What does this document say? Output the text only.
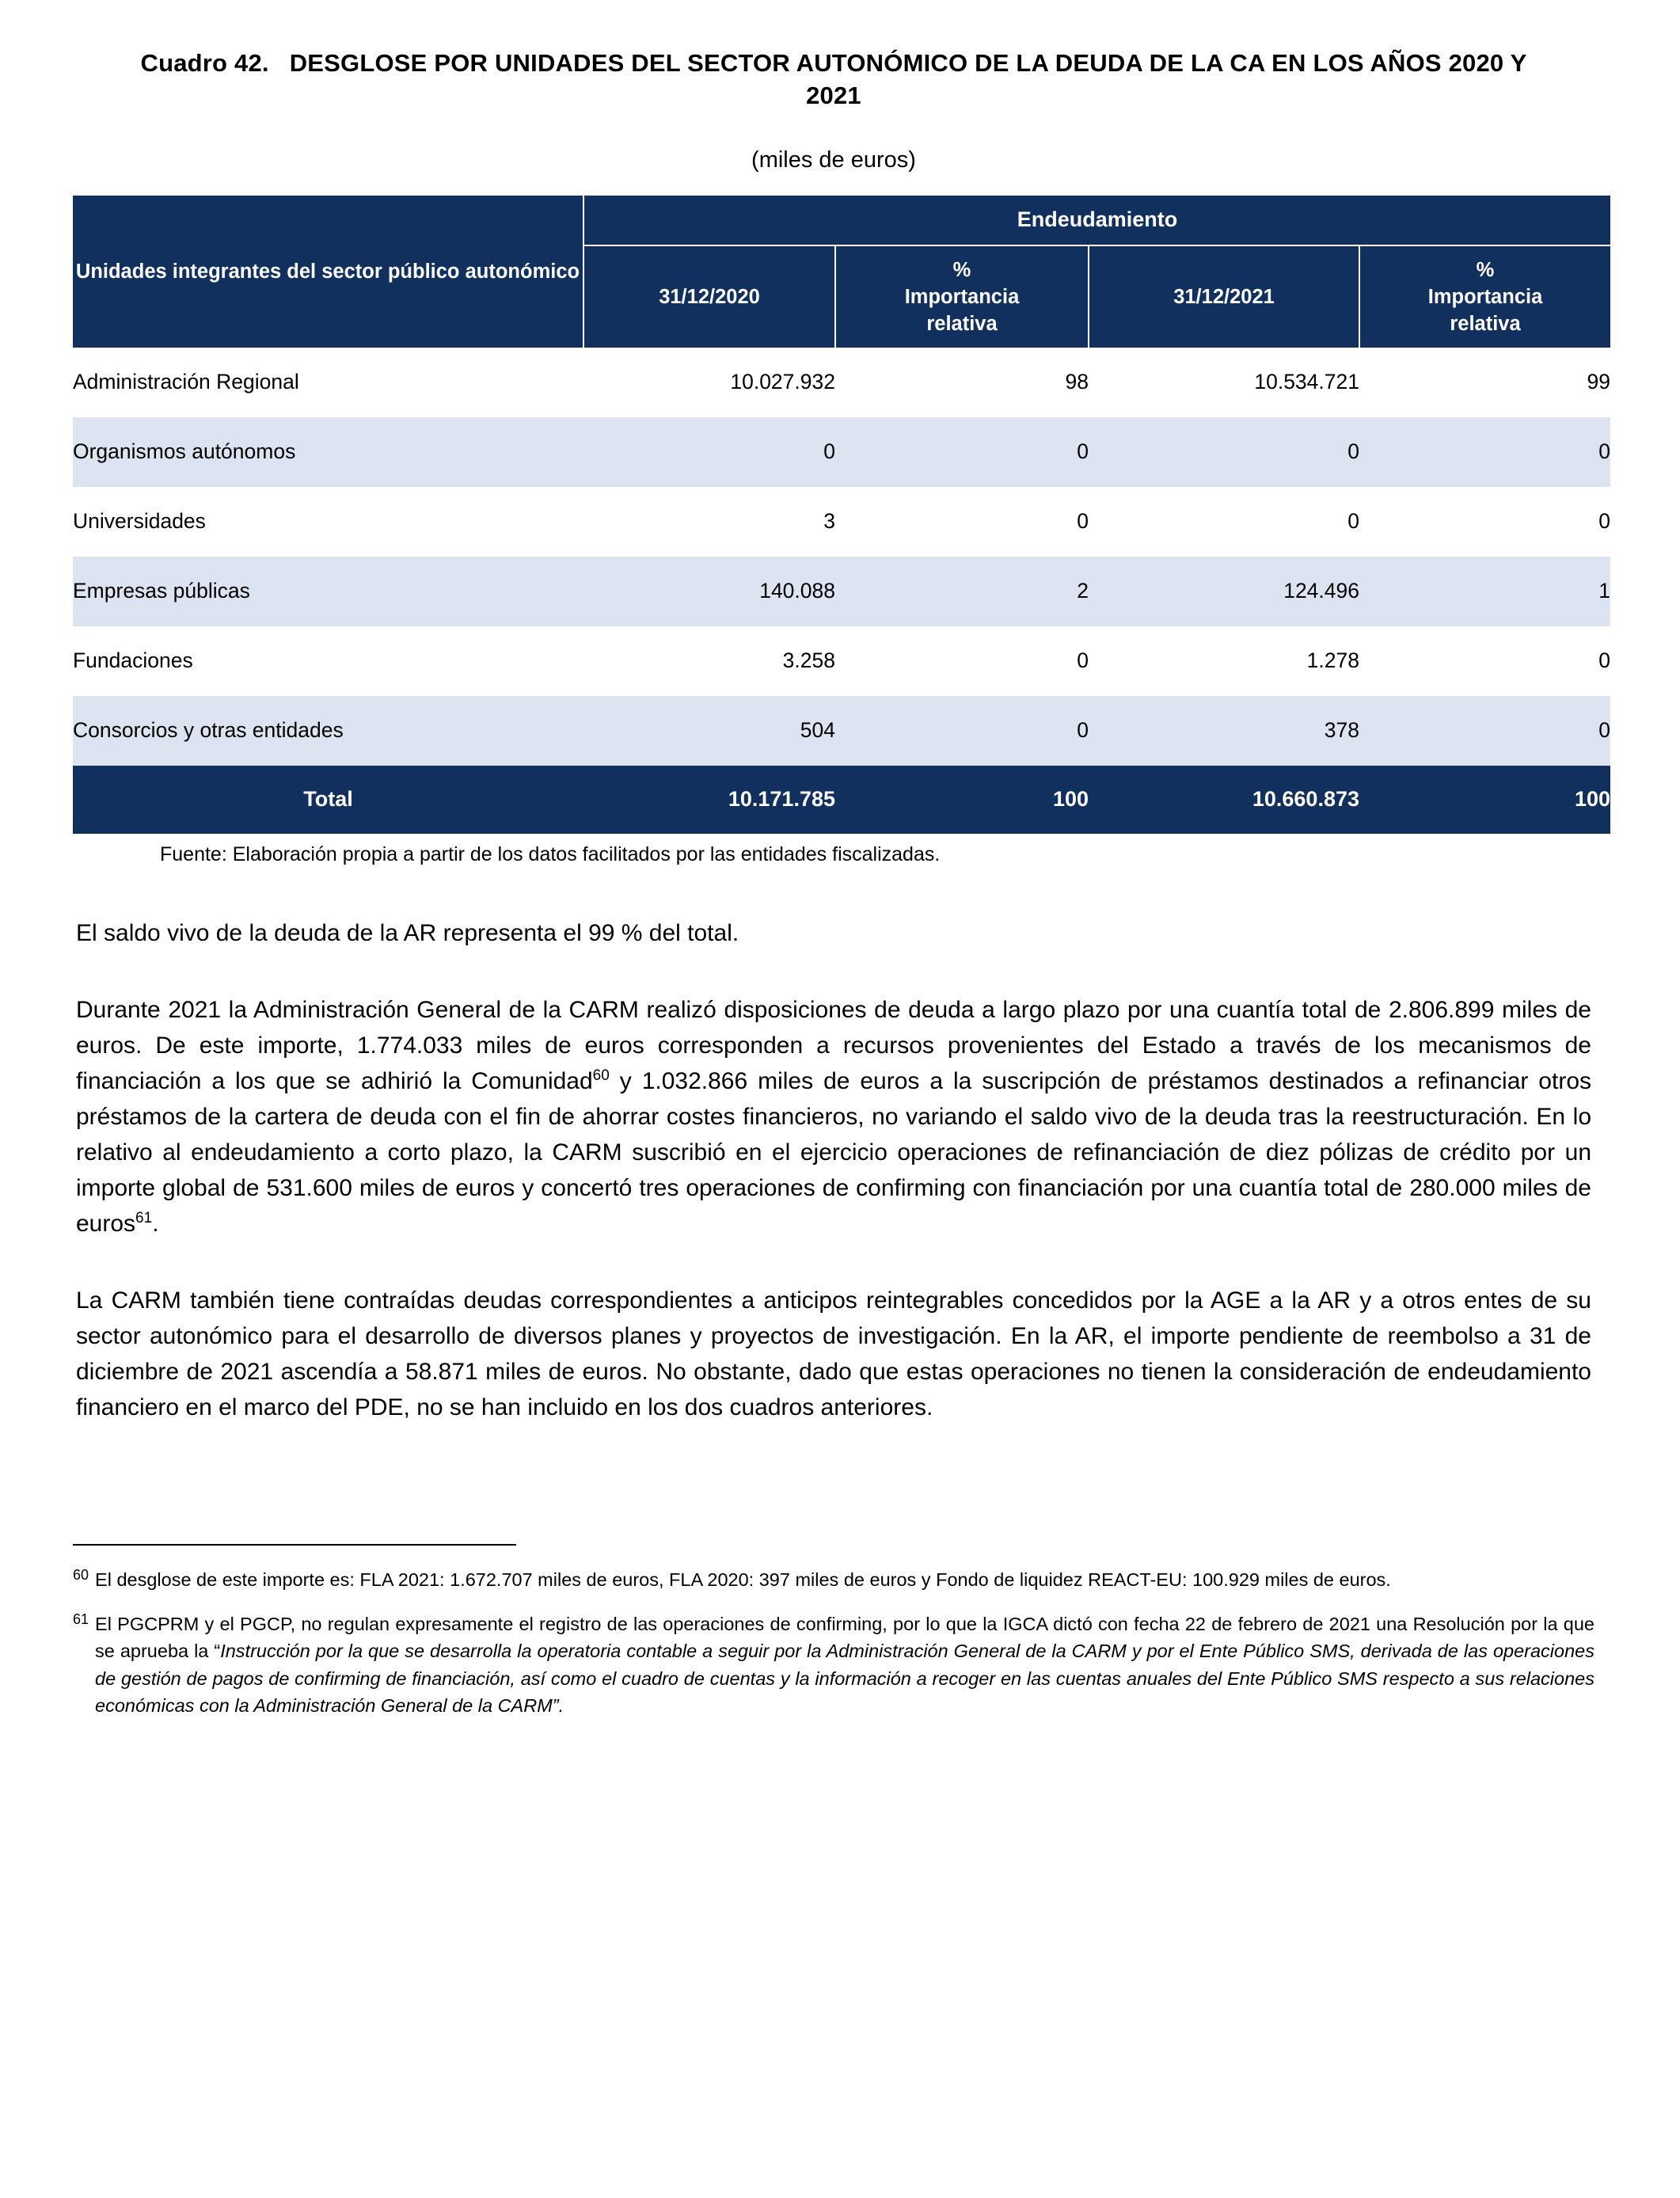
Cuadro 42. DESGLOSE POR UNIDADES DEL SECTOR AUTONÓMICO DE LA DEUDA DE LA CA EN LOS AÑOS 2020 Y 2021
(miles de euros)
Unidades integrantes del sector público autonómico	Endeudamiento			
	31/12/2020	%
Importancia
relativa	31/12/2021	%
Importancia
relativa
Administración Regional	10.027.932	98	10.534.721	99
Organismos autónomos	0	0	0	0
Universidades	3	0	0	0
Empresas públicas	140.088	2	124.496	1
Fundaciones	3.258	0	1.278	0
Consorcios y otras entidades	504	0	378	0
Total	10.171.785	100	10.660.873	100
Fuente: Elaboración propia a partir de los datos facilitados por las entidades fiscalizadas.

El saldo vivo de la deuda de la AR representa el 99 % del total.

Durante 2021 la Administración General de la CARM realizó disposiciones de deuda a largo plazo por una cuantía total de 2.806.899 miles de euros. De este importe, 1.774.033 miles de euros corresponden a recursos provenientes del Estado a través de los mecanismos de financiación a los que se adhirió la Comunidad$^{60}$ y 1.032.866 miles de euros a la suscripción de préstamos destinados a refinanciar otros préstamos de la cartera de deuda con el fin de ahorrar costes financieros, no variando el saldo vivo de la deuda tras la reestructuración. En lo relativo al endeudamiento a corto plazo, la CARM suscribió en el ejercicio operaciones de refinanciación de diez pólizas de crédito por un importe global de 531.600 miles de euros y concertó tres operaciones de confirming con financiación por una cuantía total de 280.000 miles de euros$^{61}$.

La CARM también tiene contraídas deudas correspondientes a anticipos reintegrables concedidos por la AGE a la AR y a otros entes de su sector autonómico para el desarrollo de diversos planes y proyectos de investigación. En la AR, el importe pendiente de reembolso a 31 de diciembre de 2021 ascendía a 58.871 miles de euros. No obstante, dado que estas operaciones no tienen la consideración de endeudamiento financiero en el marco del PDE, no se han incluido en los dos cuadros anteriores.

60 El desglose de este importe es: FLA 2021: 1.672.707 miles de euros, FLA 2020: 397 miles de euros y Fondo de liquidez REACT-EU: 100.929 miles de euros.
61 El PGCPRM y el PGCP, no regulan expresamente el registro de las operaciones de confirming, por lo que la IGCA dictó con fecha 22 de febrero de 2021 una Resolución por la que se aprueba la “Instrucción por la que se desarrolla la operatoria contable a seguir por la Administración General de la CARM y por el Ente Público SMS, derivada de las operaciones de gestión de pagos de confirming de financiación, así como el cuadro de cuentas y la información a recoger en las cuentas anuales del Ente Público SMS respecto a sus relaciones económicas con la Administración General de la CARM”.
